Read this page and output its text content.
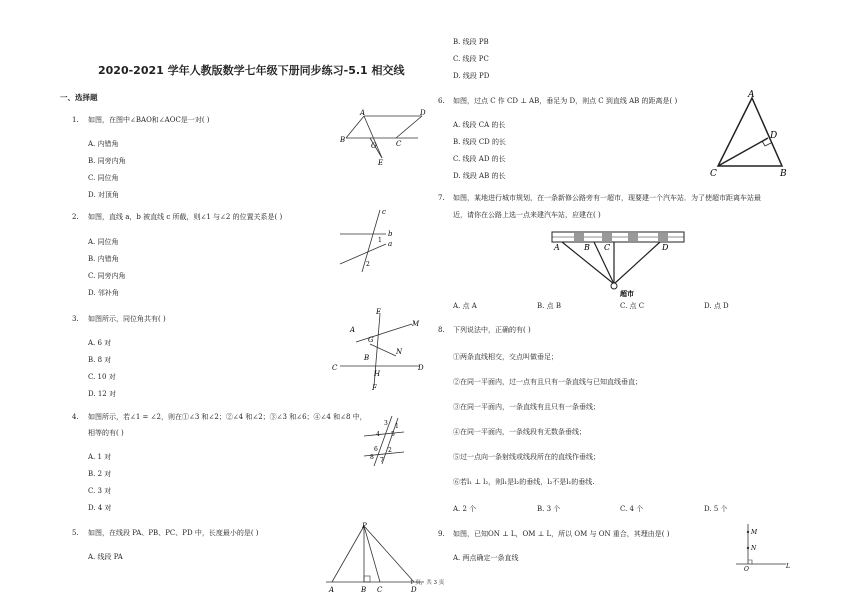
2020-2021 学年人教版数学七年级下册同步练习-5.1 相交线
一、选择题
1.	如图，在图中∠BAO和∠AOC是一对( )
A. 内错角
B. 同旁内角
C. 同位角
D. 对顶角
A	D
B
O	C
E
2.	如图，直线 a，b 被直线 c 所截，则∠1 与∠2 的位置关系是( )
A. 同位角
B. 内错角
C. 同旁内角
D. 邻补角
c
b
a
1
2
3.	如图所示，同位角共有( )
A. 6 对
B. 8 对
C. 10 对
D. 12 对
E
M
A
G
N
B
C
H
D
F
4.	如图所示，若∠1 = ∠2，则在①∠3 和∠2；②∠4 和∠2；③∠3 和∠6；④∠4 和∠8 中，
相等的有( )
A. 1 对
B. 2 对
C. 3 对
D. 4 对
3
4 5
1
2
8
6
7
5.	如图，在线段 PA、PB、PC、PD 中，长度最小的是( )
A. 线段 PA
P
A	B C	D
1 页，共 3 页
B. 线段 PB
C. 线段 PC
D. 线段 PD
6.	如图，过点 C 作 CD ⊥ AB，垂足为 D，则点 C 到直线 AB 的距离是( )
A. 线段 CA 的长
B. 线段 CD 的长
C. 线段 AD 的长
D. 线段 AB 的长
A
D
C	B
7.	如图，某地进行城市规划，在一条新修公路旁有一超市，现要建一个汽车站．为了使超市距离车站最
近，请你在公路上选一点来建汽车站，应建在( )
A	B C	D
超市
A. 点 A	B. 点 B	C. 点 C	D. 点 D
8.	下列说法中，正确的有( )
①两条直线相交，交点叫做垂足；
②在同一平面内，过一点有且只有一条直线与已知直线垂直；
③在同一平面内，一条直线有且只有一条垂线；
④在同一平面内，一条线段有无数条垂线；
⑤过一点向一条射线或线段所在的直线作垂线；
⑥若l₁ ⊥ l₂，则l₁是l₂的垂线，l₂不是l₁的垂线.
A. 2 个	B. 3 个	C. 4 个	D. 5 个
9.	如图，已知ON ⊥ L，OM ⊥ L，所以 OM 与 ON 重合，其理由是( )
A. 两点确定一条直线
M
N
O	L
